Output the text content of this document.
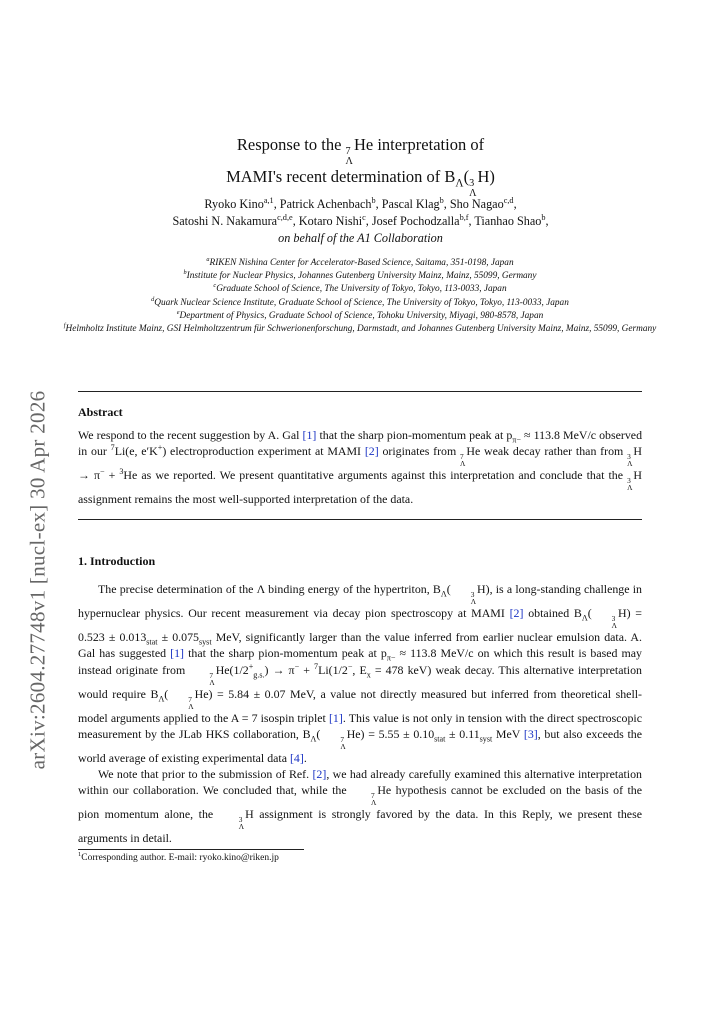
arXiv:2604.27748v1 [nucl-ex] 30 Apr 2026
Response to the 7
Λ
He interpretation of
MAMI's recent determination of $B_\Lambda$( 3
Λ
H)
Ryoko Kino$^{a,1}$, Patrick Achenbach$^b$, Pascal Klag$^b$, Sho Nagao$^{c,d}$,
Satoshi N. Nakamura$^{c,d,e}$, Kotaro Nishi$^c$, Josef Pochodzalla$^{b,f}$, Tianhao Shao$^b$,
on behalf of the A1 Collaboration
$^a$RIKEN Nishina Center for Accelerator-Based Science, Saitama, 351-0198, Japan
$^b$Institute for Nuclear Physics, Johannes Gutenberg University Mainz, Mainz, 55099, Germany
$^c$Graduate School of Science, The University of Tokyo, Tokyo, 113-0033, Japan
$^d$Quark Nuclear Science Institute, Graduate School of Science, The University of Tokyo, Tokyo, 113-0033, Japan
$^e$Department of Physics, Graduate School of Science, Tohoku University, Miyagi, 980-8578, Japan
$^f$Helmholtz Institute Mainz, GSI Helmholtzzentrum für Schwerionenforschung, Darmstadt, and Johannes Gutenberg University Mainz, Mainz, 55099, Germany
Abstract

We respond to the recent suggestion by A. Gal [1] that the sharp pion-momentum peak at $p_{\pi-} \approx 113.8$ MeV/c observed in our $^7$Li(e, e′K+) electroproduction experiment at MAMI [2] originates from 7
Λ
He weak decay rather than from 3
Λ
H → π− + $^3$He as we reported. We present quantitative arguments against this interpretation and conclude that the 3
Λ
H assignment remains the most well-supported interpretation of the data.

1. Introduction

The precise determination of the Λ binding energy of the hypertriton, $B_\Lambda$(	3
Λ
H), is a long-standing challenge in hypernuclear physics. Our recent measurement via decay pion spectroscopy at MAMI [2] obtained $B_\Lambda$(	3
Λ
$H) = 0.523 \pm 0.013_{stat} \pm 0.075_{syst}$ MeV, significantly larger than the value inferred from earlier nuclear emulsion data. A. Gal has suggested [1] that the sharp pion-momentum peak at $p_{\pi-} \approx 113.8$ MeV/c on which this result is based may instead originate from	7
Λ
$He(1/2^+_{g.s.}) \to \pi^- + ^7Li(1/2^-$, $E_x = 478$ keV) weak decay. This alternative interpretation would require $B_\Lambda$(	7
Λ
He) = 5.84 ± 0.07 MeV, a value not directly measured but inferred from theoretical shell-model arguments applied to the A = 7 isospin triplet [1]. This value is not only in tension with the direct spectroscopic measurement by the JLab HKS collaboration, $B_\Lambda$(	7
Λ
$He) = 5.55 \pm 0.10_{stat} \pm 0.11_{syst}$ MeV [3], but also exceeds the world average of existing experimental data [4].

We note that prior to the submission of Ref. [2], we had already carefully examined this alternative interpretation within our collaboration. We concluded that, while the	7
Λ
He hypothesis cannot be excluded on the basis of the pion momentum alone, the	3
Λ
H assignment is strongly favored by the data. In this Reply, we present these arguments in detail.

$^1$Corresponding author. E-mail: ryoko.kino@riken.jp
